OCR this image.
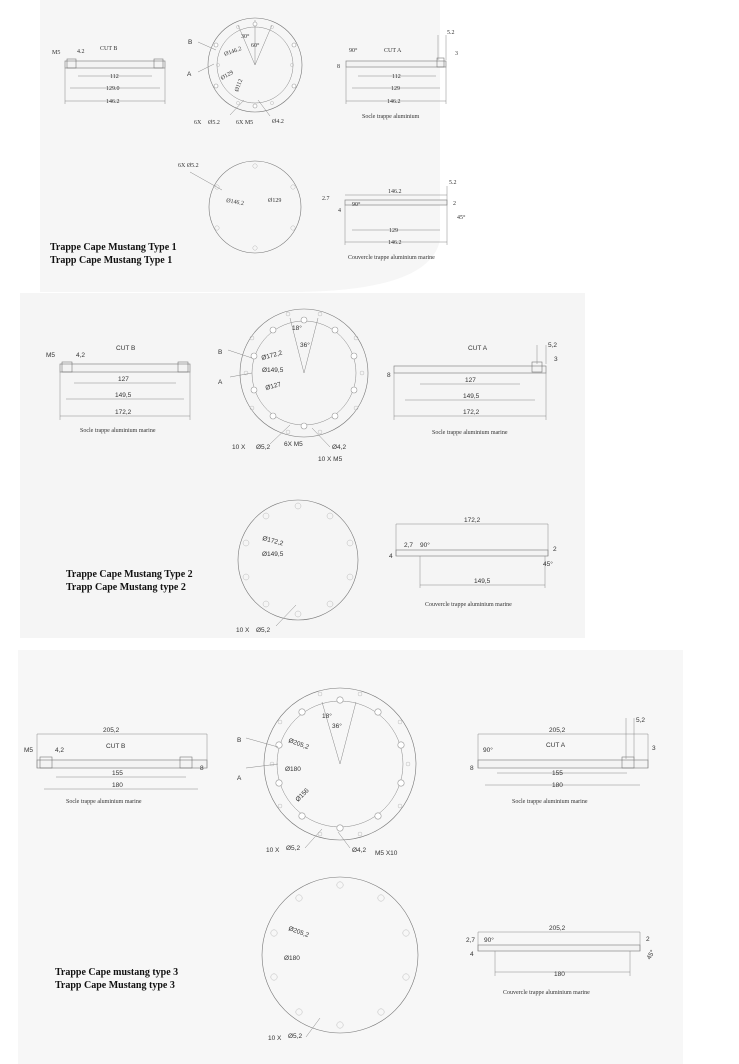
CUT B
M5	4.2
112
129.0
146.2
30°
60°
B
A
Ø146.2
Ø129
Ø112
6X Ø5.2	6X M5	Ø4.2
CUT A
5.2
3
90°
8
112
129
146.2
Socle trappe aluminium
6X Ø5.2
Ø146.2	Ø129
146.2
5.2
2.7
90°
4
2
45°
129
146.2
Couvercle trappe aluminium marine
Trappe Cape Mustang Type 1
Trapp Cape Mustang Type 1
CUT B
M5	4,2
127
149,5
172,2
Socle trappe aluminium marine
18°
36°
B
A
Ø172,2
Ø149,5
Ø127
10 X Ø5,2 6X M5	Ø4,2
10 X M5
CUT A	5,2
3
8
127
149,5
172,2
Socle trappe aluminium marine
Ø172,2
Ø149,5
10 X Ø5,2
172,2
2,7 90°
4
2
45°
149,5
Couvercle trappe aluminium marine
Trappe Cape Mustang Type 2
Trapp Cape Mustang type 2
205,2
CUT B
M5	4,2
8
155
180
Socle trappe aluminium marine
18°
36°
B
A
Ø205,2
Ø180
Ø156
10 X Ø5,2	Ø4,2 M5 X10
205,2
5,2
CUT A
90°	3
8
155
180
Socle trappe aluminium marine
Ø205,2
Ø180
10 X Ø5,2
205,2
2,7 90°
4
2
45°
180
Couvercle trappe aluminium marine
Trappe Cape mustang type 3
Trapp Cape Mustang type 3
